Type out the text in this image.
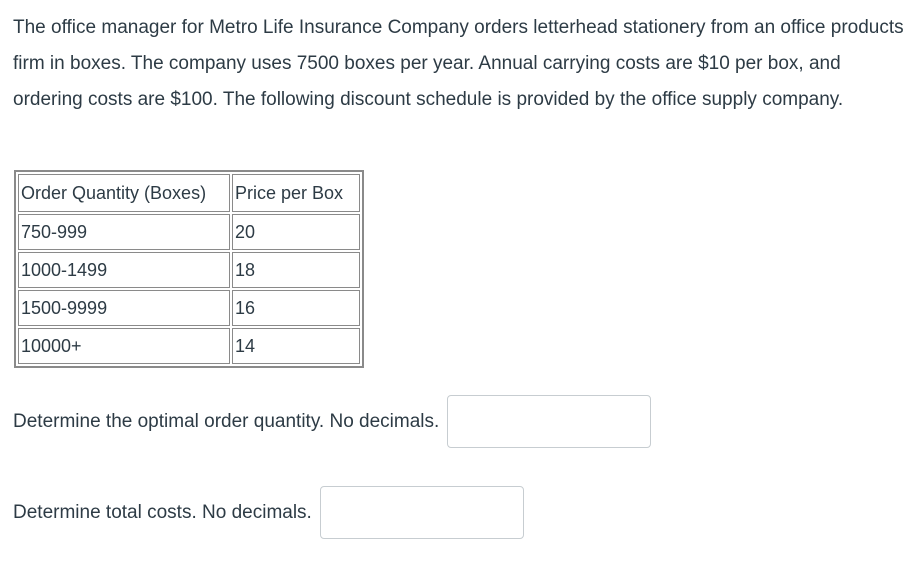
The office manager for Metro Life Insurance Company orders letterhead stationery from an office products firm in boxes. The company uses 7500 boxes per year. Annual carrying costs are $10 per box, and ordering costs are $100. The following discount schedule is provided by the office supply company.

Order Quantity (Boxes)	Price per Box
750-999	20
1000-1499	18
1500-9999	16
10000+	14
Determine the optimal order quantity. No decimals.
Determine total costs. No decimals.
